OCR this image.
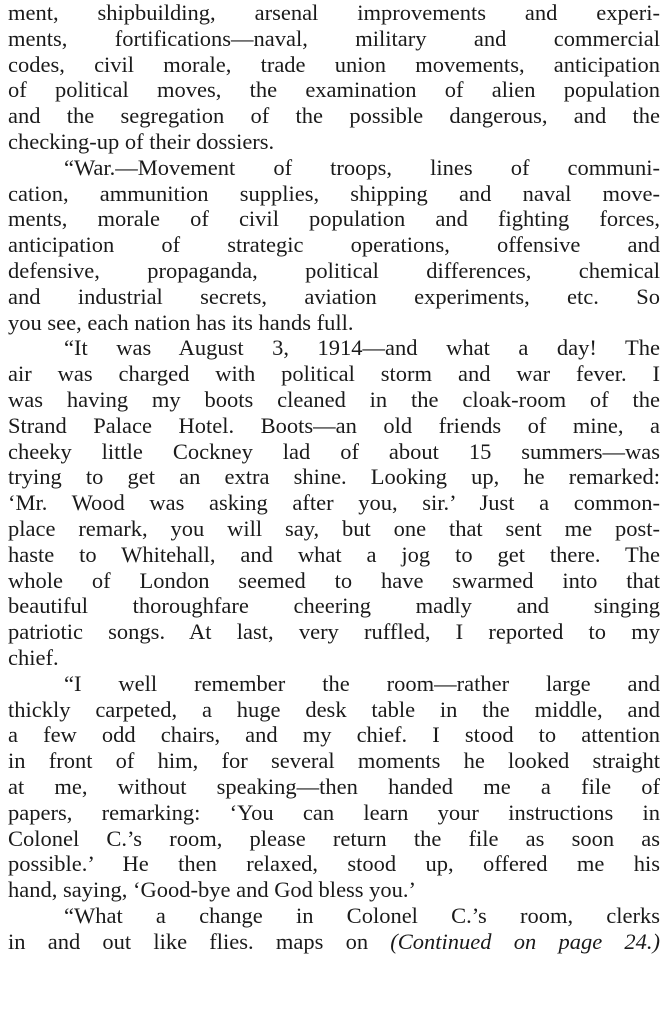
ment, shipbuilding, arsenal improvements and experi-
ments, fortifications—naval, military and commercial
codes, civil morale, trade union movements, anticipation
of political moves, the examination of alien population
and the segregation of the possible dangerous, and the
checking-up of their dossiers.
“War.—Movement of troops, lines of communi-
cation, ammunition supplies, shipping and naval move-
ments, morale of civil population and fighting forces,
anticipation of strategic operations, offensive and
defensive, propaganda, political differences, chemical
and industrial secrets, aviation experiments, etc. So
you see, each nation has its hands full.
“It was August 3, 1914—and what a day! The
air was charged with political storm and war fever. I
was having my boots cleaned in the cloak-room of the
Strand Palace Hotel. Boots—an old friends of mine, a
cheeky little Cockney lad of about 15 summers—was
trying to get an extra shine. Looking up, he remarked:
‘Mr. Wood was asking after you, sir.’ Just a common-
place remark, you will say, but one that sent me post-
haste to Whitehall, and what a jog to get there. The
whole of London seemed to have swarmed into that
beautiful thoroughfare cheering madly and singing
patriotic songs. At last, very ruffled, I reported to my
chief.
“I well remember the room—rather large and
thickly carpeted, a huge desk table in the middle, and
a few odd chairs, and my chief. I stood to attention
in front of him, for several moments he looked straight
at me, without speaking—then handed me a file of
papers, remarking: ‘You can learn your instructions in
Colonel C.’s room, please return the file as soon as
possible.’ He then relaxed, stood up, offered me his
hand, saying, ‘Good-bye and God bless you.’
“What a change in Colonel C.’s room, clerks
in and out like flies. maps on (Continued on page 24.)
